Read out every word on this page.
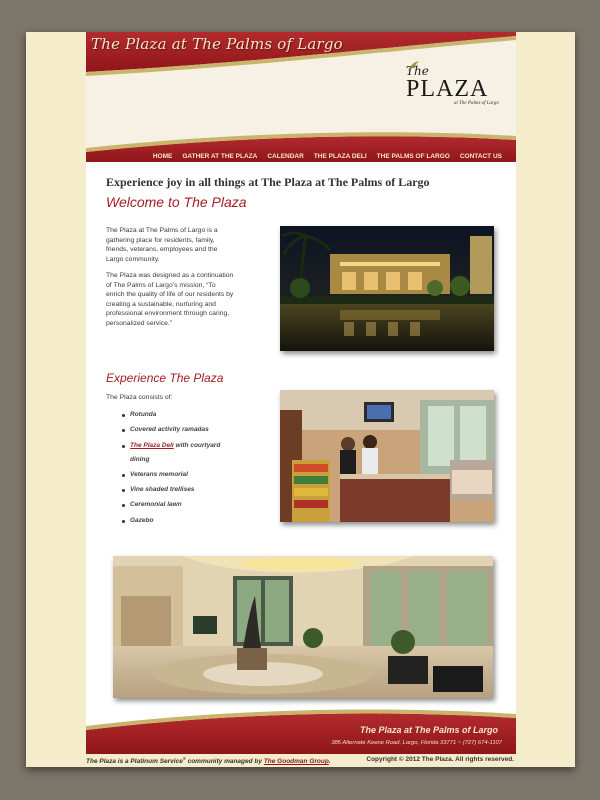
The Plaza at The Palms of Largo
The
PLAZA
at The Palms of Largo
HOME GATHER AT THE PLAZA CALENDAR THE PLAZA DELI THE PALMS OF LARGO CONTACT US
Experience joy in all things at The Plaza at The Palms of Largo
Welcome to The Plaza

The Plaza at The Palms of Largo is a gathering place for residents, family, friends, veterans, employees and the Largo community.

The Plaza was designed as a continuation of The Palms of Largo’s mission, “To enrich the quality of life of our residents by creating a sustainable, nurturing and professional environment through caring, personalized service.”

Experience The Plaza
The Plaza consists of:
Rotunda
Covered activity ramadas
The Plaza Deli with courtyard dining
Veterans memorial
Vine shaded trellises
Ceremonial lawn
Gazebo
The Plaza at The Palms of Largo
385 Alternate Keene Road, Largo, Florida 33771 ~ (727) 674-1107
The Plaza is a Platinum Service® community managed by The Goodman Group.	Copyright © 2012 The Plaza. All rights reserved.
